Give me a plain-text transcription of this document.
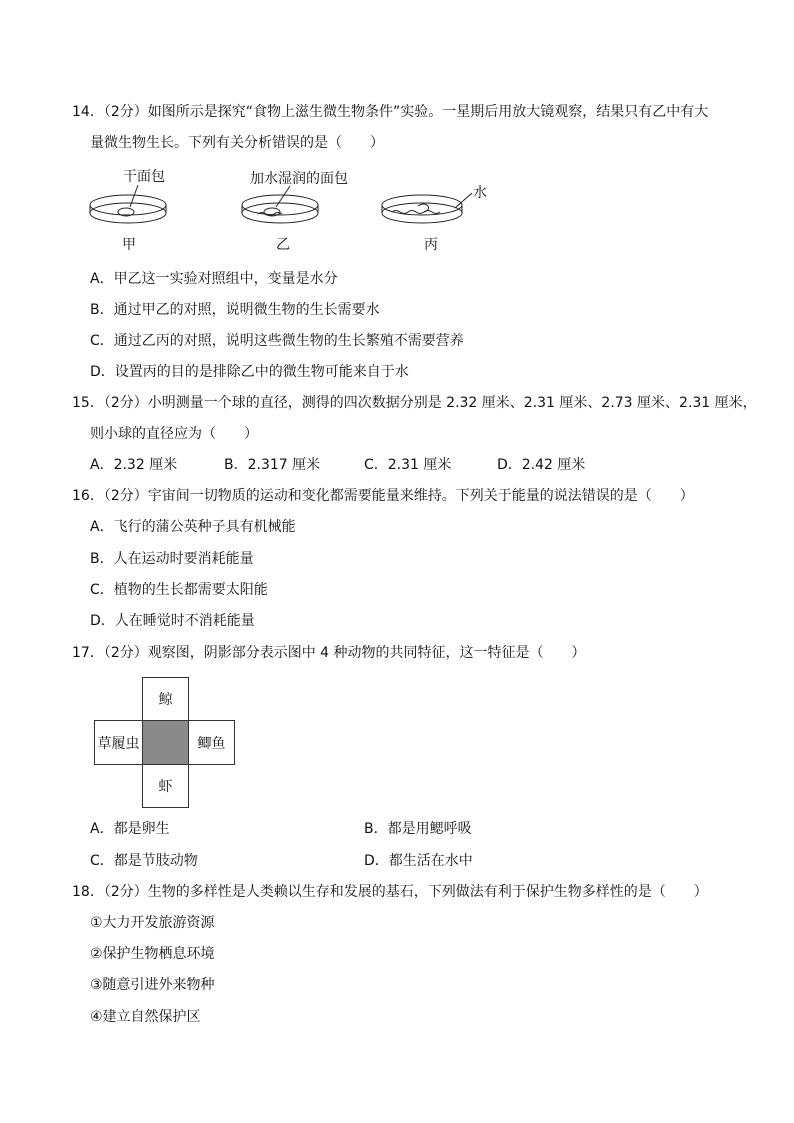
14．（2分）如图所示是探究“食物上滋生微生物条件”实验。一星期后用放大镜观察，结果只有乙中有大
量微生物生长。下列有关分析错误的是（　　）
干面包	加水湿润的面包
水
甲	乙	丙
A．甲乙这一实验对照组中，变量是水分
B．通过甲乙的对照，说明微生物的生长需要水
C．通过乙丙的对照，说明这些微生物的生长繁殖不需要营养
D．设置丙的目的是排除乙中的微生物可能来自于水
15．（2分）小明测量一个球的直径，测得的四次数据分别是 2.32 厘米、2.31 厘米、2.73 厘米、2.31 厘米，
则小球的直径应为（　　）
A．2.32 厘米	B．2.317 厘米	C．2.31 厘米	D．2.42 厘米
16．（2分）宇宙间一切物质的运动和变化都需要能量来维持。下列关于能量的说法错误的是（　　）
A．飞行的蒲公英种子具有机械能
B．人在运动时要消耗能量
C．植物的生长都需要太阳能
D．人在睡觉时不消耗能量
17．（2分）观察图，阴影部分表示图中 4 种动物的共同特征，这一特征是（　　）
鲸
草履虫	鲫鱼
虾
A．都是卵生	B．都是用鳃呼吸
C．都是节肢动物	D．都生活在水中
18．（2分）生物的多样性是人类赖以生存和发展的基石，下列做法有利于保护生物多样性的是（　　）
①大力开发旅游资源
②保护生物栖息环境
③随意引进外来物种
④建立自然保护区
